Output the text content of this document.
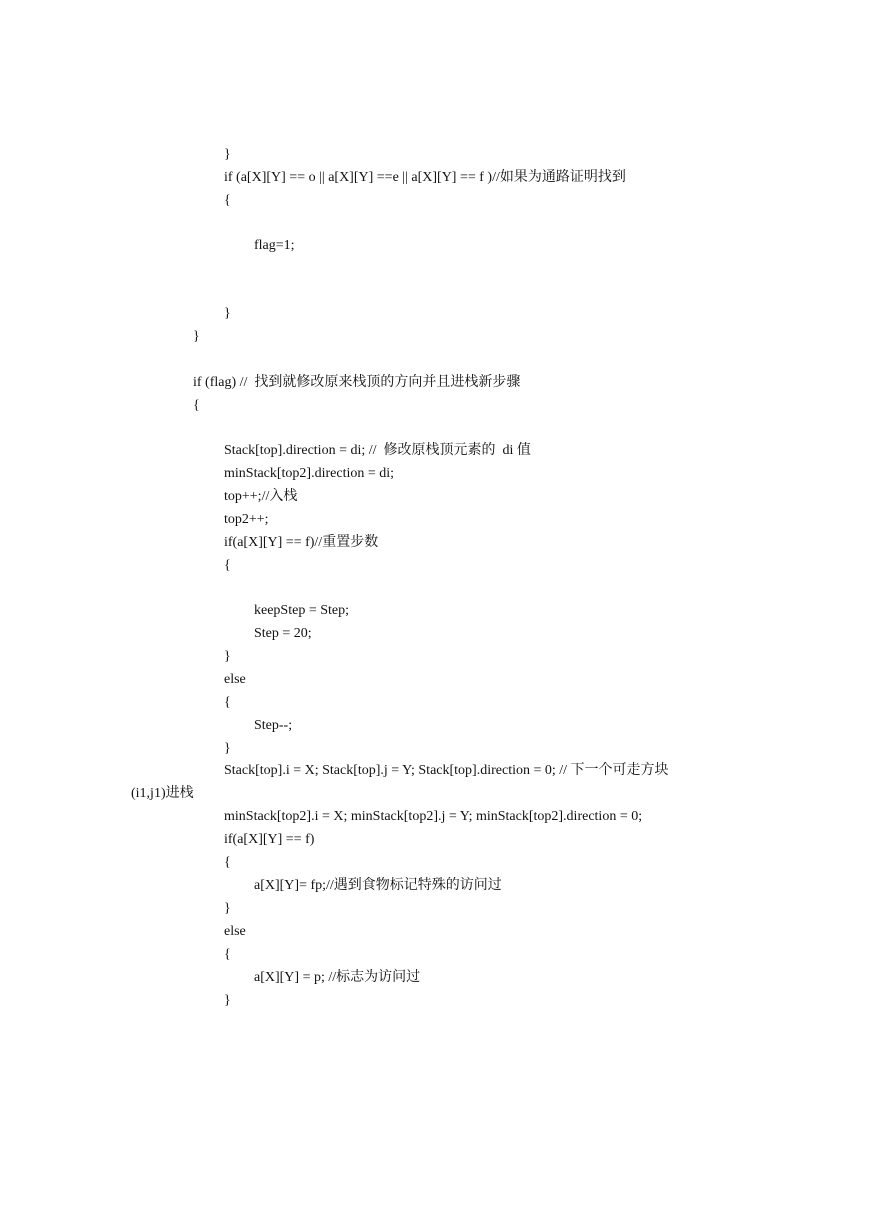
}
if (a[X][Y] == o || a[X][Y] ==e || a[X][Y] == f )//如果为通路证明找到
{
flag=1;
}
}
if (flag) //  找到就修改原来栈顶的方向并且进栈新步骤
{
Stack[top].direction = di; //  修改原栈顶元素的  di 值
minStack[top2].direction = di;
top++;//入栈
top2++;
if(a[X][Y] == f)//重置步数
{
keepStep = Step;
Step = 20;
}
else
{
Step--;
}
Stack[top].i = X; Stack[top].j = Y; Stack[top].direction = 0; // 下一个可走方块
(i1,j1)进栈
minStack[top2].i = X; minStack[top2].j = Y; minStack[top2].direction = 0;
if(a[X][Y] == f)
{
a[X][Y]= fp;//遇到食物标记特殊的访问过
}
else
{
a[X][Y] = p; //标志为访问过
}
